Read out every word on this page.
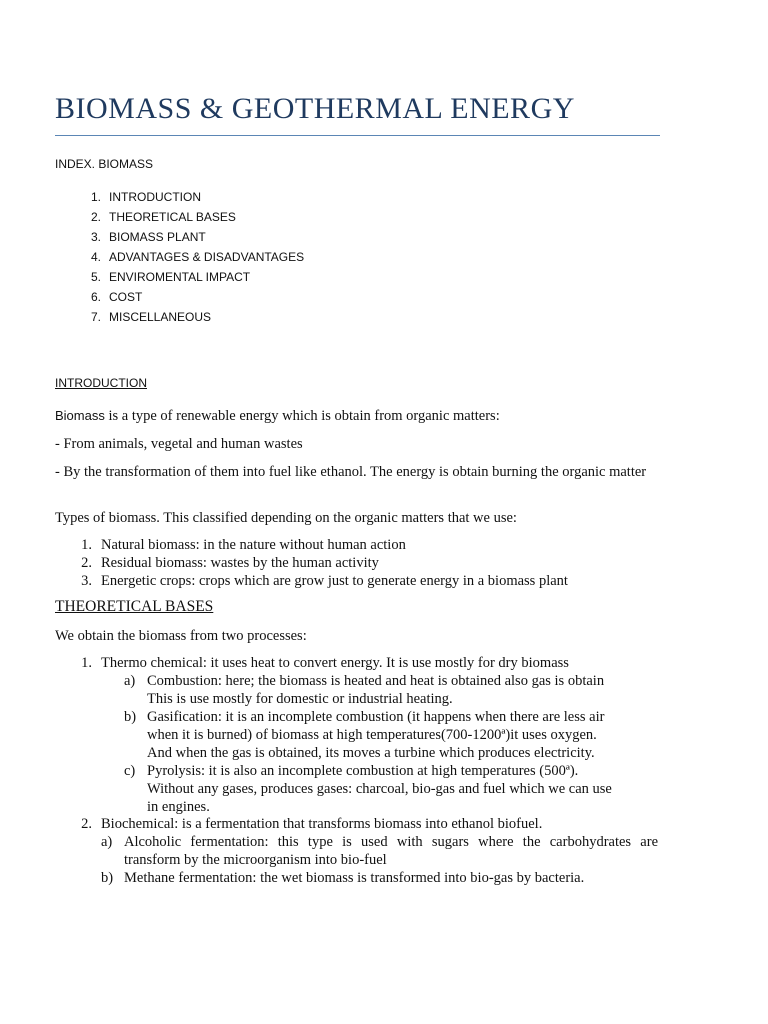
BIOMASS & GEOTHERMAL ENERGY
INDEX. BIOMASS
1. INTRODUCTION
2. THEORETICAL BASES
3. BIOMASS PLANT
4. ADVANTAGES & DISADVANTAGES
5. ENVIROMENTAL IMPACT
6. COST
7. MISCELLANEOUS
INTRODUCTION
Biomass is a type of renewable energy which is obtain from organic matters:
- From animals, vegetal and human wastes
- By the transformation of them into fuel like ethanol. The energy is obtain burning the organic matter
Types of biomass. This classified depending on the organic matters that we use:
1. Natural biomass: in the nature without human action
2. Residual biomass: wastes by the human activity
3. Energetic crops: crops which are grow just to generate energy in a biomass plant
THEORETICAL BASES
We obtain the biomass from two processes:
1. Thermo chemical: it uses heat to convert energy. It is use mostly for dry biomass
a) Combustion: here; the biomass is heated and heat is obtained also gas is obtain
This is use mostly for domestic or industrial heating.
b) Gasification: it is an incomplete combustion (it happens when there are less air
when it is burned) of biomass at high temperatures(700-1200ª)it uses oxygen.
And when the gas is obtained, its moves a turbine which produces electricity.
c) Pyrolysis: it is also an incomplete combustion at high temperatures (500ª).
Without any gases, produces gases: charcoal, bio-gas and fuel which we can use
in engines.
2. Biochemical: is a fermentation that transforms biomass into ethanol biofuel.
a) Alcoholic fermentation: this type is used with sugars where the carbohydrates are
transform by the microorganism into bio-fuel
b) Methane fermentation: the wet biomass is transformed into bio-gas by bacteria.
